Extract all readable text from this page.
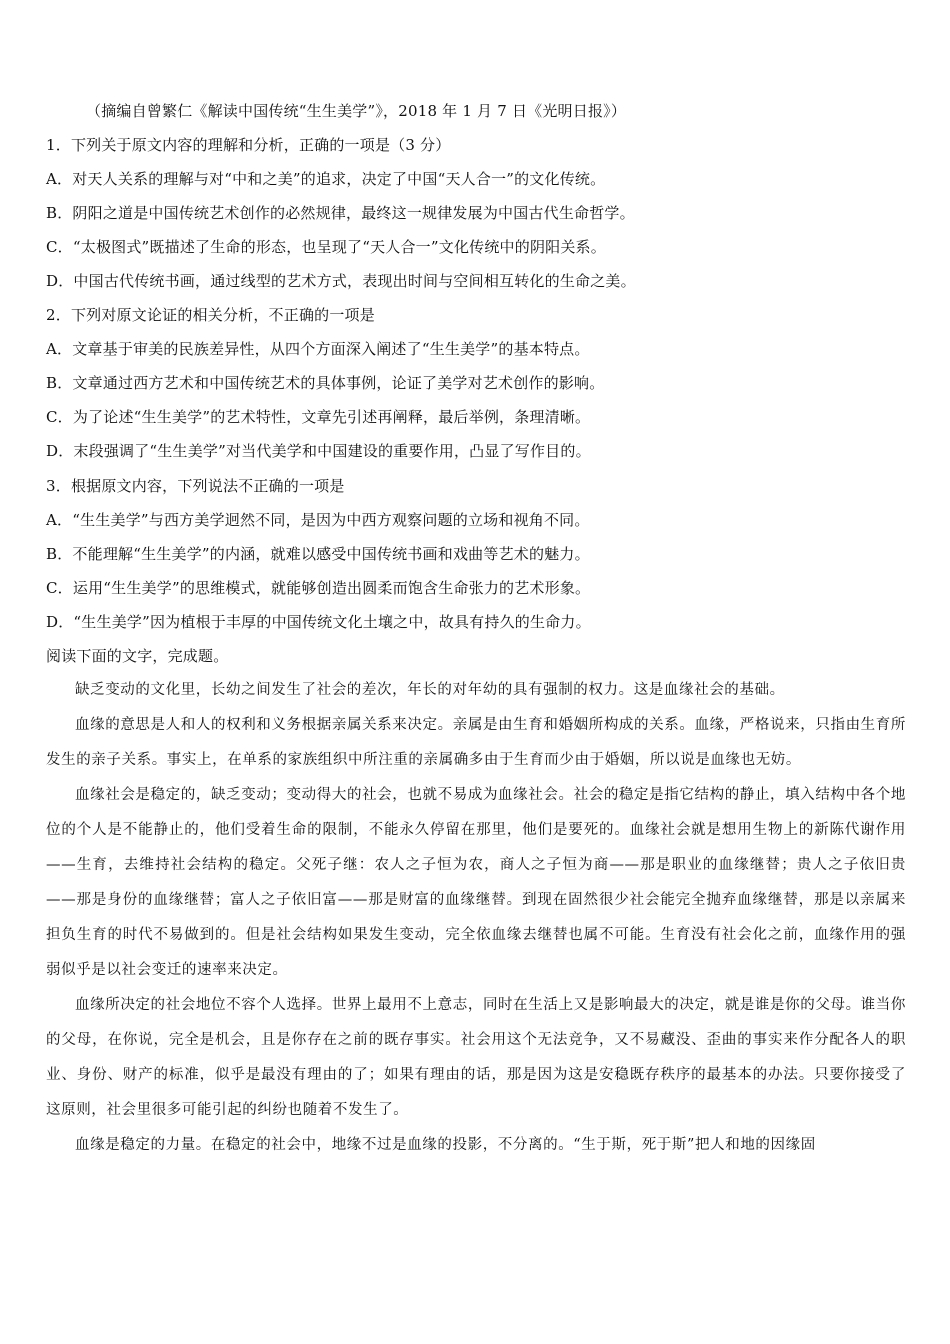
（摘编自曾繁仁《解读中国传统“生生美学”》，2018 年 1 月 7 日《光明日报》）
1．下列关于原文内容的理解和分析，正确的一项是（3 分）
A．对天人关系的理解与对“中和之美”的追求，决定了中国“天人合一”的文化传统。
B．阴阳之道是中国传统艺术创作的必然规律，最终这一规律发展为中国古代生命哲学。
C．“太极图式”既描述了生命的形态，也呈现了“天人合一”文化传统中的阴阳关系。
D．中国古代传统书画，通过线型的艺术方式，表现出时间与空间相互转化的生命之美。
2．下列对原文论证的相关分析，不正确的一项是
A．文章基于审美的民族差异性，从四个方面深入阐述了“生生美学”的基本特点。
B．文章通过西方艺术和中国传统艺术的具体事例，论证了美学对艺术创作的影响。
C．为了论述“生生美学”的艺术特性，文章先引述再阐释，最后举例，条理清晰。
D．末段强调了“生生美学”对当代美学和中国建设的重要作用，凸显了写作目的。
3．根据原文内容，下列说法不正确的一项是
A．“生生美学”与西方美学迥然不同，是因为中西方观察问题的立场和视角不同。
B．不能理解“生生美学”的内涵，就难以感受中国传统书画和戏曲等艺术的魅力。
C．运用“生生美学”的思维模式，就能够创造出圆柔而饱含生命张力的艺术形象。
D．“生生美学”因为植根于丰厚的中国传统文化土壤之中，故具有持久的生命力。
阅读下面的文字，完成题。

缺乏变动的文化里，长幼之间发生了社会的差次，年长的对年幼的具有强制的权力。这是血缘社会的基础。

血缘的意思是人和人的权利和义务根据亲属关系来决定。亲属是由生育和婚姻所构成的关系。血缘，严格说来，只指由生育所发生的亲子关系。事实上，在单系的家族组织中所注重的亲属确多由于生育而少由于婚姻，所以说是血缘也无妨。

血缘社会是稳定的，缺乏变动；变动得大的社会，也就不易成为血缘社会。社会的稳定是指它结构的静止，填入结构中各个地位的个人是不能静止的，他们受着生命的限制，不能永久停留在那里，他们是要死的。血缘社会就是想用生物上的新陈代谢作用——生育，去维持社会结构的稳定。父死子继：农人之子恒为农，商人之子恒为商——那是职业的血缘继替；贵人之子依旧贵——那是身份的血缘继替；富人之子依旧富——那是财富的血缘继替。到现在固然很少社会能完全抛弃血缘继替，那是以亲属来担负生育的时代不易做到的。但是社会结构如果发生变动，完全依血缘去继替也属不可能。生育没有社会化之前，血缘作用的强弱似乎是以社会变迁的速率来决定。

血缘所决定的社会地位不容个人选择。世界上最用不上意志，同时在生活上又是影响最大的决定，就是谁是你的父母。谁当你的父母，在你说，完全是机会，且是你存在之前的既存事实。社会用这个无法竞争，又不易藏没、歪曲的事实来作分配各人的职业、身份、财产的标准，似乎是最没有理由的了；如果有理由的话，那是因为这是安稳既存秩序的最基本的办法。只要你接受了这原则，社会里很多可能引起的纠纷也随着不发生了。

血缘是稳定的力量。在稳定的社会中，地缘不过是血缘的投影，不分离的。“生于斯，死于斯”把人和地的因缘固
